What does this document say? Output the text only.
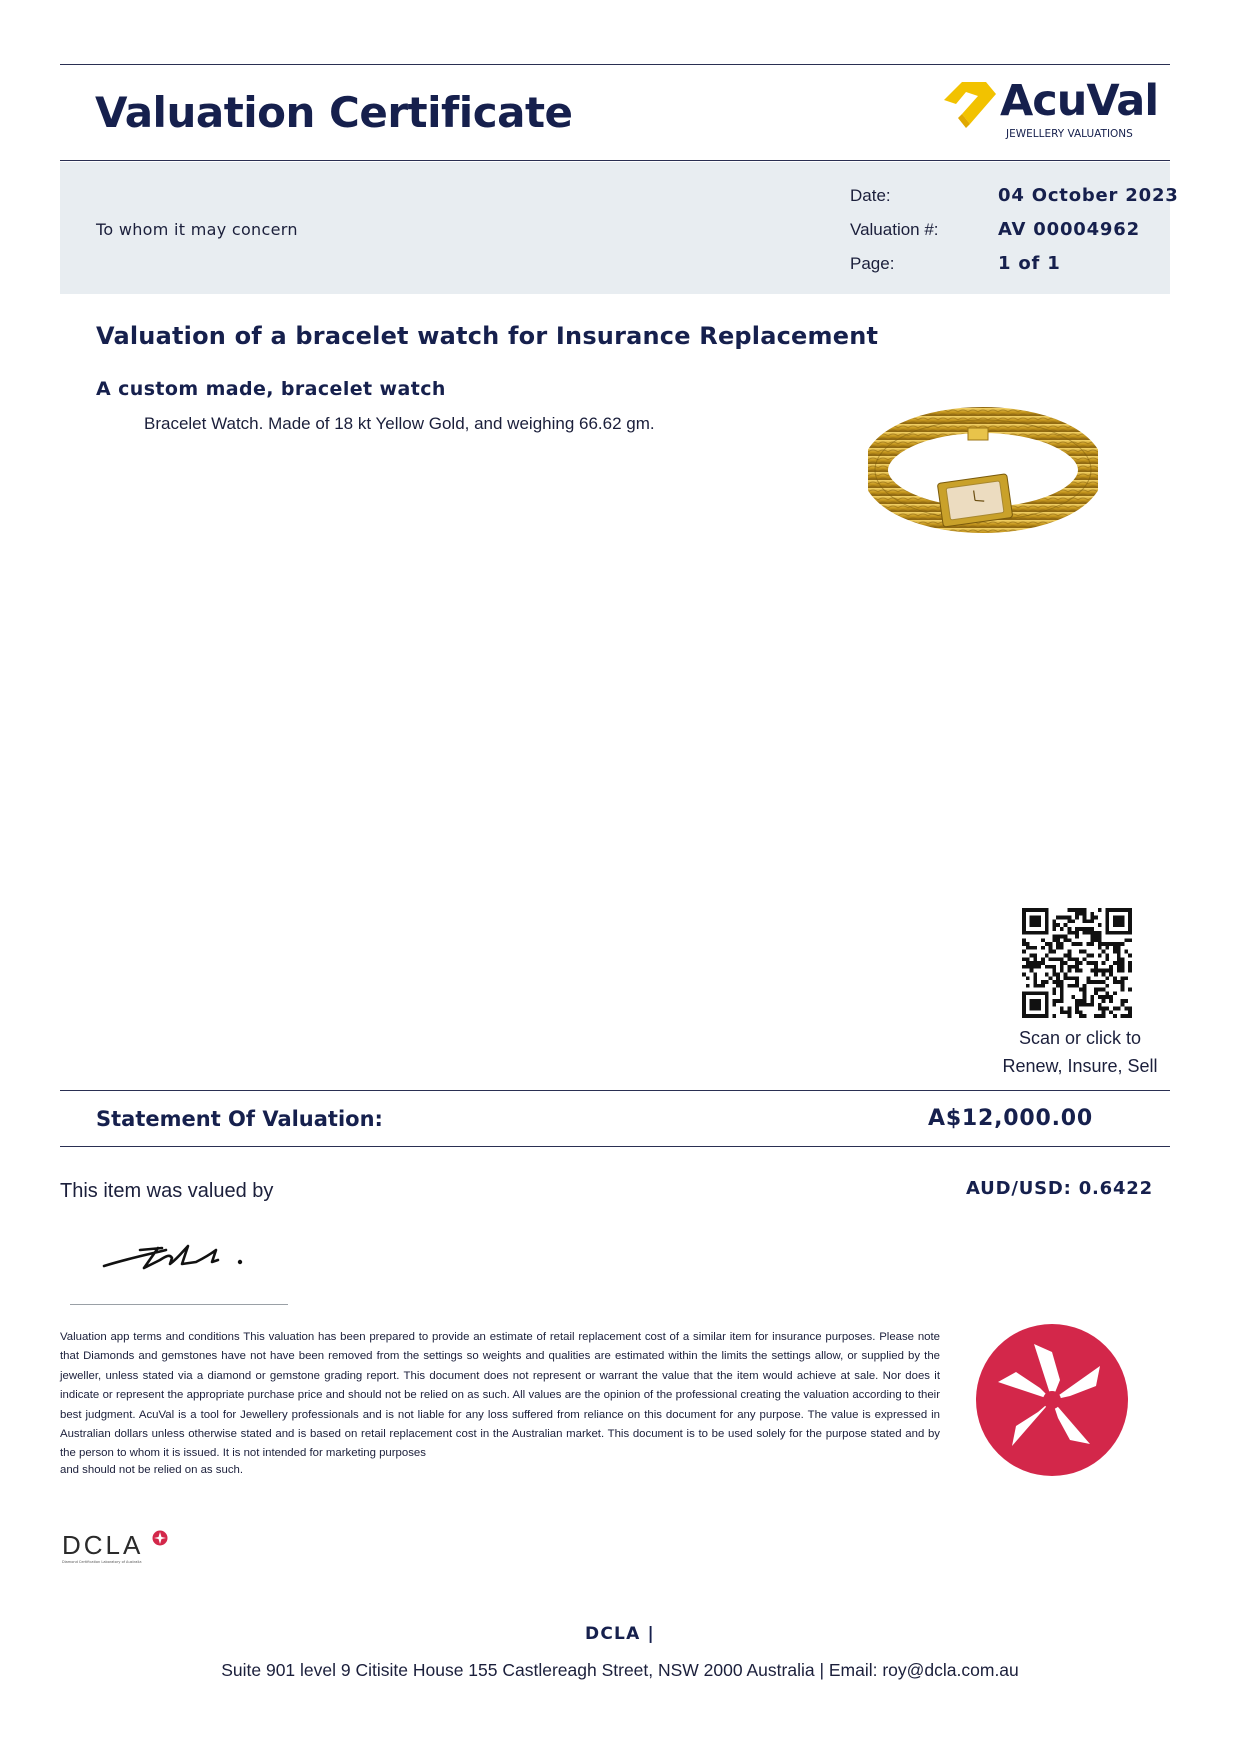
Valuation Certificate	AcuVal
JEWELLERY VALUATIONS
To whom it may concern
Date:	04 October 2023
Valuation #:	AV 00004962
Page:	1 of 1
Valuation of a bracelet watch for Insurance Replacement
A custom made, bracelet watch
Bracelet Watch. Made of 18 kt Yellow Gold, and weighing 66.62 gm.
Scan or click to
Renew, Insure, Sell
Statement Of Valuation:	A$12,000.00
This item was valued by	AUD/USD: 0.6422
Valuation app terms and conditions This valuation has been prepared to provide an estimate of retail replacement cost of a similar item for insurance purposes. Please note that Diamonds and gemstones have not have been removed from the settings so weights and qualities are estimated within the limits the settings allow, or supplied by the jeweller, unless stated via a diamond or gemstone grading report. This document does not represent or warrant the value that the item would achieve at sale. Nor does it indicate or represent the appropriate purchase price and should not be relied on as such. All values are the opinion of the professional creating the valuation according to their best judgment. AcuVal is a tool for Jewellery professionals and is not liable for any loss suffered from reliance on this document for any purpose. The value is expressed in Australian dollars unless otherwise stated and is based on retail replacement cost in the Australian market. This document is to be used solely for the purpose stated and by the person to whom it is issued. It is not intended for marketing purposes
and should not be relied on as such.
DCLA
Diamond Certification Laboratory of Australia
DCLA |
Suite 901 level 9 Citisite House 155 Castlereagh Street, NSW 2000 Australia | Email: roy@dcla.com.au
